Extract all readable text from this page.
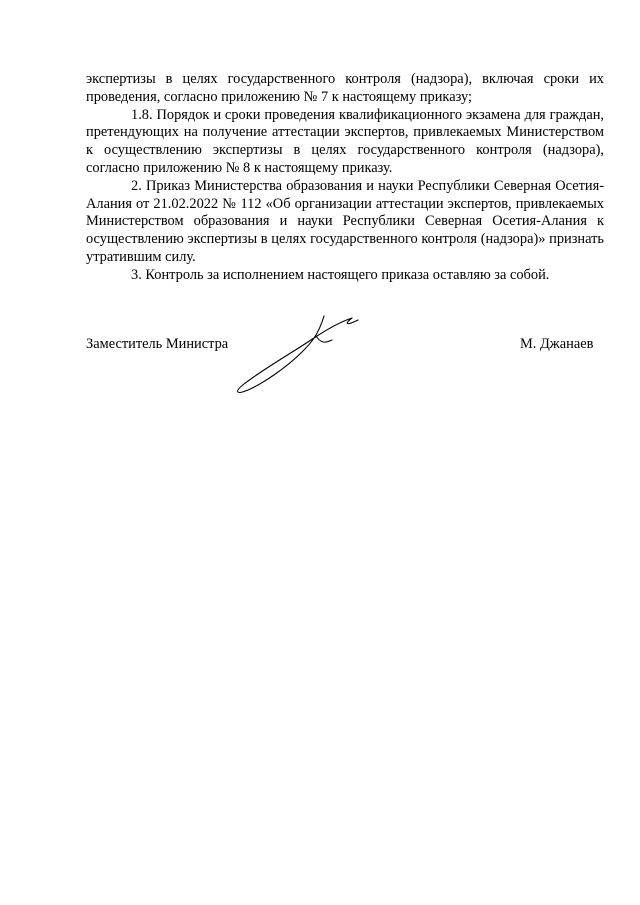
экспертизы в целях государственного контроля (надзора), включая сроки их проведения, согласно приложению № 7 к настоящему приказу;

1.8. Порядок и сроки проведения квалификационного экзамена для граждан, претендующих на получение аттестации экспертов, привлекаемых Министерством к осуществлению экспертизы в целях государственного контроля (надзора), согласно приложению № 8 к настоящему приказу.

2. Приказ Министерства образования и науки Республики Северная Осетия-Алания от 21.02.2022 № 112 «Об организации аттестации экспертов, привлекаемых Министерством образования и науки Республики Северная Осетия-Алания к осуществлению экспертизы в целях государственного контроля (надзора)» признать утратившим силу.

3. Контроль за исполнением настоящего приказа оставляю за собой.

Заместитель Министра	М. Джанаев
